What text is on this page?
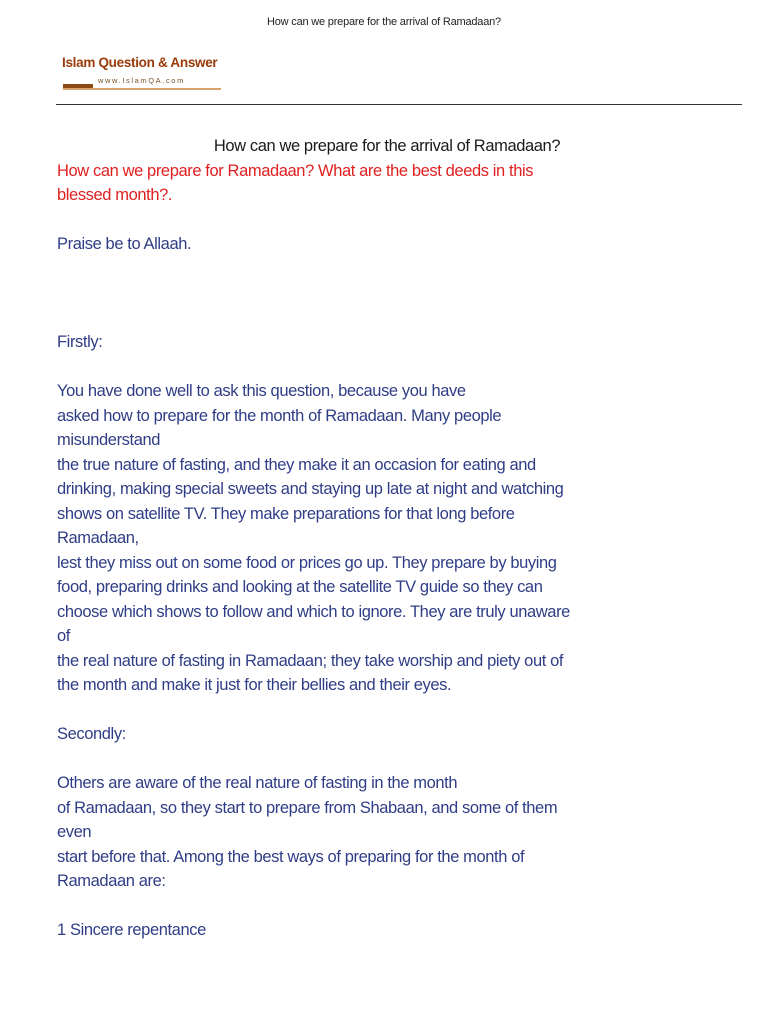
How can we prepare for the arrival of Ramadaan?
Islam Question & Answer
www.IslamQA.com

How can we prepare for the arrival of Ramadaan?

How can we prepare for Ramadaan? What are the best deeds in this
blessed month?.

Praise be to Allaah.

Firstly:

You have done well to ask this question, because you have
asked how to prepare for the month of Ramadaan. Many people
misunderstand
the true nature of fasting, and they make it an occasion for eating and
drinking, making special sweets and staying up late at night and watching
shows on satellite TV. They make preparations for that long before
Ramadaan,
lest they miss out on some food or prices go up. They prepare by buying
food, preparing drinks and looking at the satellite TV guide so they can
choose which shows to follow and which to ignore. They are truly unaware
of
the real nature of fasting in Ramadaan; they take worship and piety out of
the month and make it just for their bellies and their eyes.

Secondly:

Others are aware of the real nature of fasting in the month
of Ramadaan, so they start to prepare from Shabaan, and some of them
even
start before that. Among the best ways of preparing for the month of
Ramadaan are:

1 Sincere repentance
